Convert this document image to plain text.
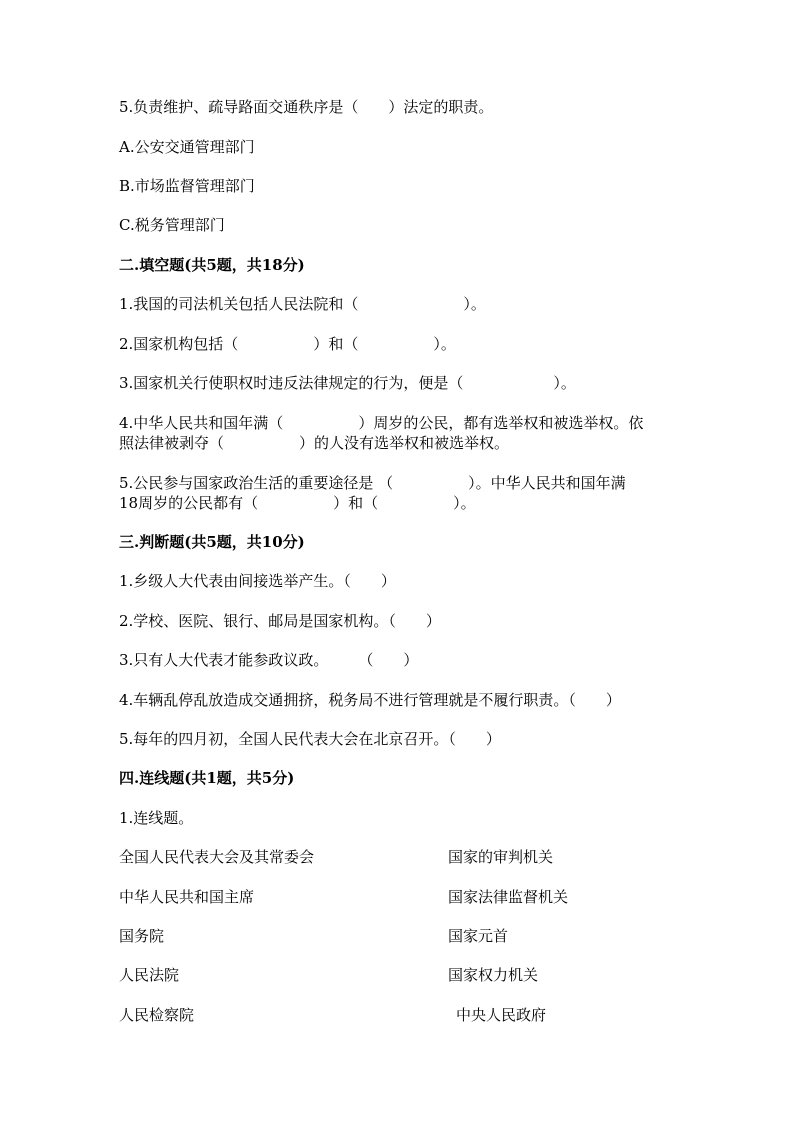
5.负责维护、疏导路面交通秩序是（　　）法定的职责。
A.公安交通管理部门
B.市场监督管理部门
C.税务管理部门
二.填空题(共5题，共18分)
1.我国的司法机关包括人民法院和（　　　　　　　）。
2.国家机构包括（　　　　　）和（　　　　　）。
3.国家机关行使职权时违反法律规定的行为，便是（　　　　　　）。
4.中华人民共和国年满（　　　　　）周岁的公民，都有选举权和被选举权。依
照法律被剥夺（　　　　　）的人没有选举权和被选举权。
5.公民参与国家政治生活的重要途径是 （　　　　　）。中华人民共和国年满
18周岁的公民都有（　　　　　）和（　　　　　）。
三.判断题(共5题，共10分)
1.乡级人大代表由间接选举产生。（　　）
2.学校、医院、银行、邮局是国家机构。（　　）
3.只有人大代表才能参政议政。　　　（　　）
4.车辆乱停乱放造成交通拥挤，税务局不进行管理就是不履行职责。（　　）
5.每年的四月初，全国人民代表大会在北京召开。（　　）
四.连线题(共1题，共5分)
1.连线题。
全国人民代表大会及其常委会
中华人民共和国主席
国务院
人民法院
人民检察院
国家的审判机关
国家法律监督机关
国家元首
国家权力机关
中央人民政府
